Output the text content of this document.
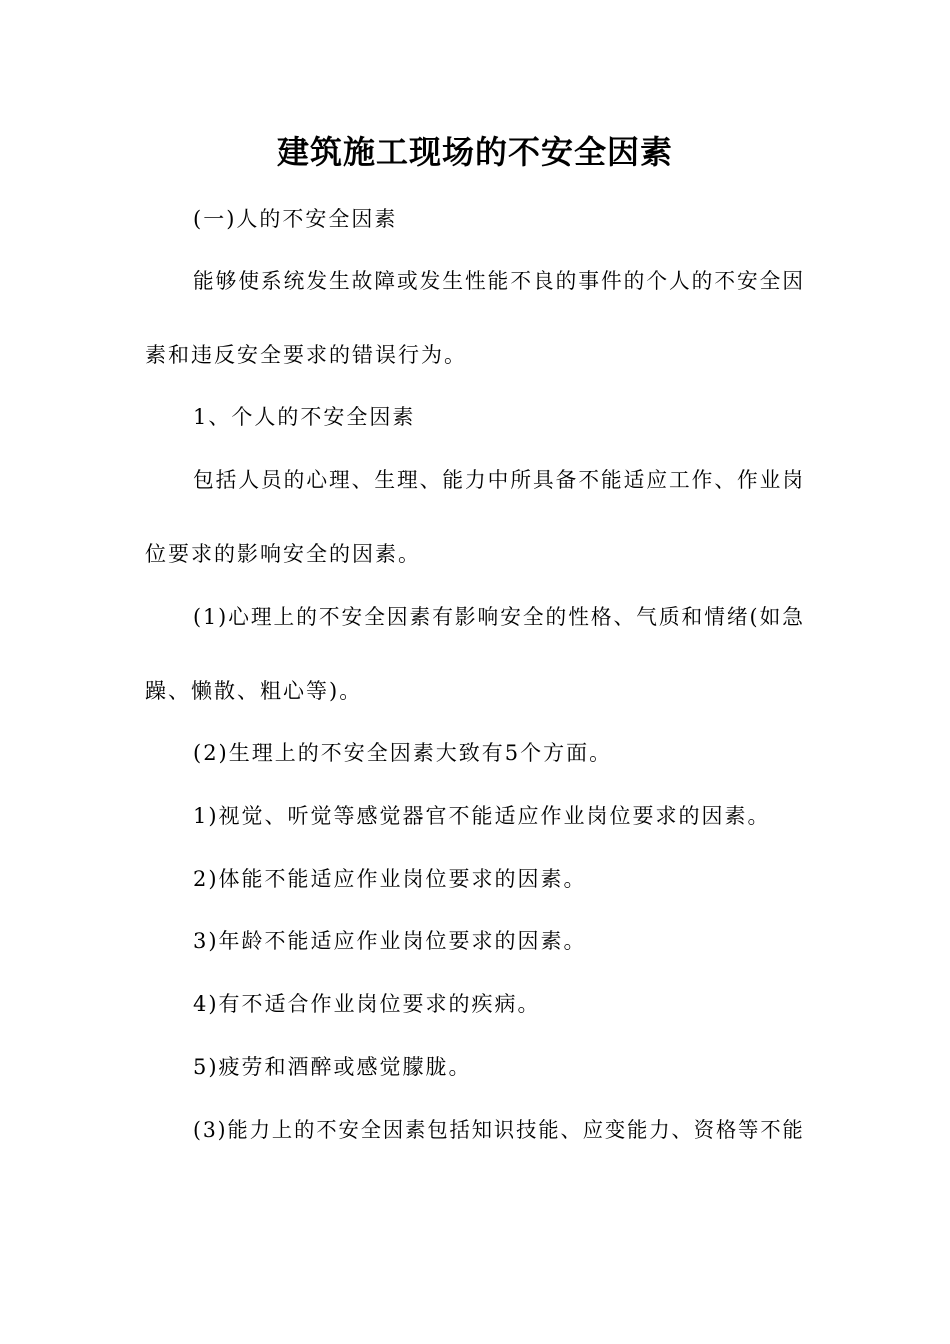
建筑施工现场的不安全因素
(一)人的不安全因素
能够使系统发生故障或发生性能不良的事件的个人的不安全因
素和违反安全要求的错误行为。
1、个人的不安全因素
包括人员的心理、生理、能力中所具备不能适应工作、作业岗
位要求的影响安全的因素。
(1)心理上的不安全因素有影响安全的性格、气质和情绪(如急
躁、懒散、粗心等)。
(2)生理上的不安全因素大致有5个方面。
1)视觉、听觉等感觉器官不能适应作业岗位要求的因素。
2)体能不能适应作业岗位要求的因素。
3)年龄不能适应作业岗位要求的因素。
4)有不适合作业岗位要求的疾病。
5)疲劳和酒醉或感觉朦胧。
(3)能力上的不安全因素包括知识技能、应变能力、资格等不能
